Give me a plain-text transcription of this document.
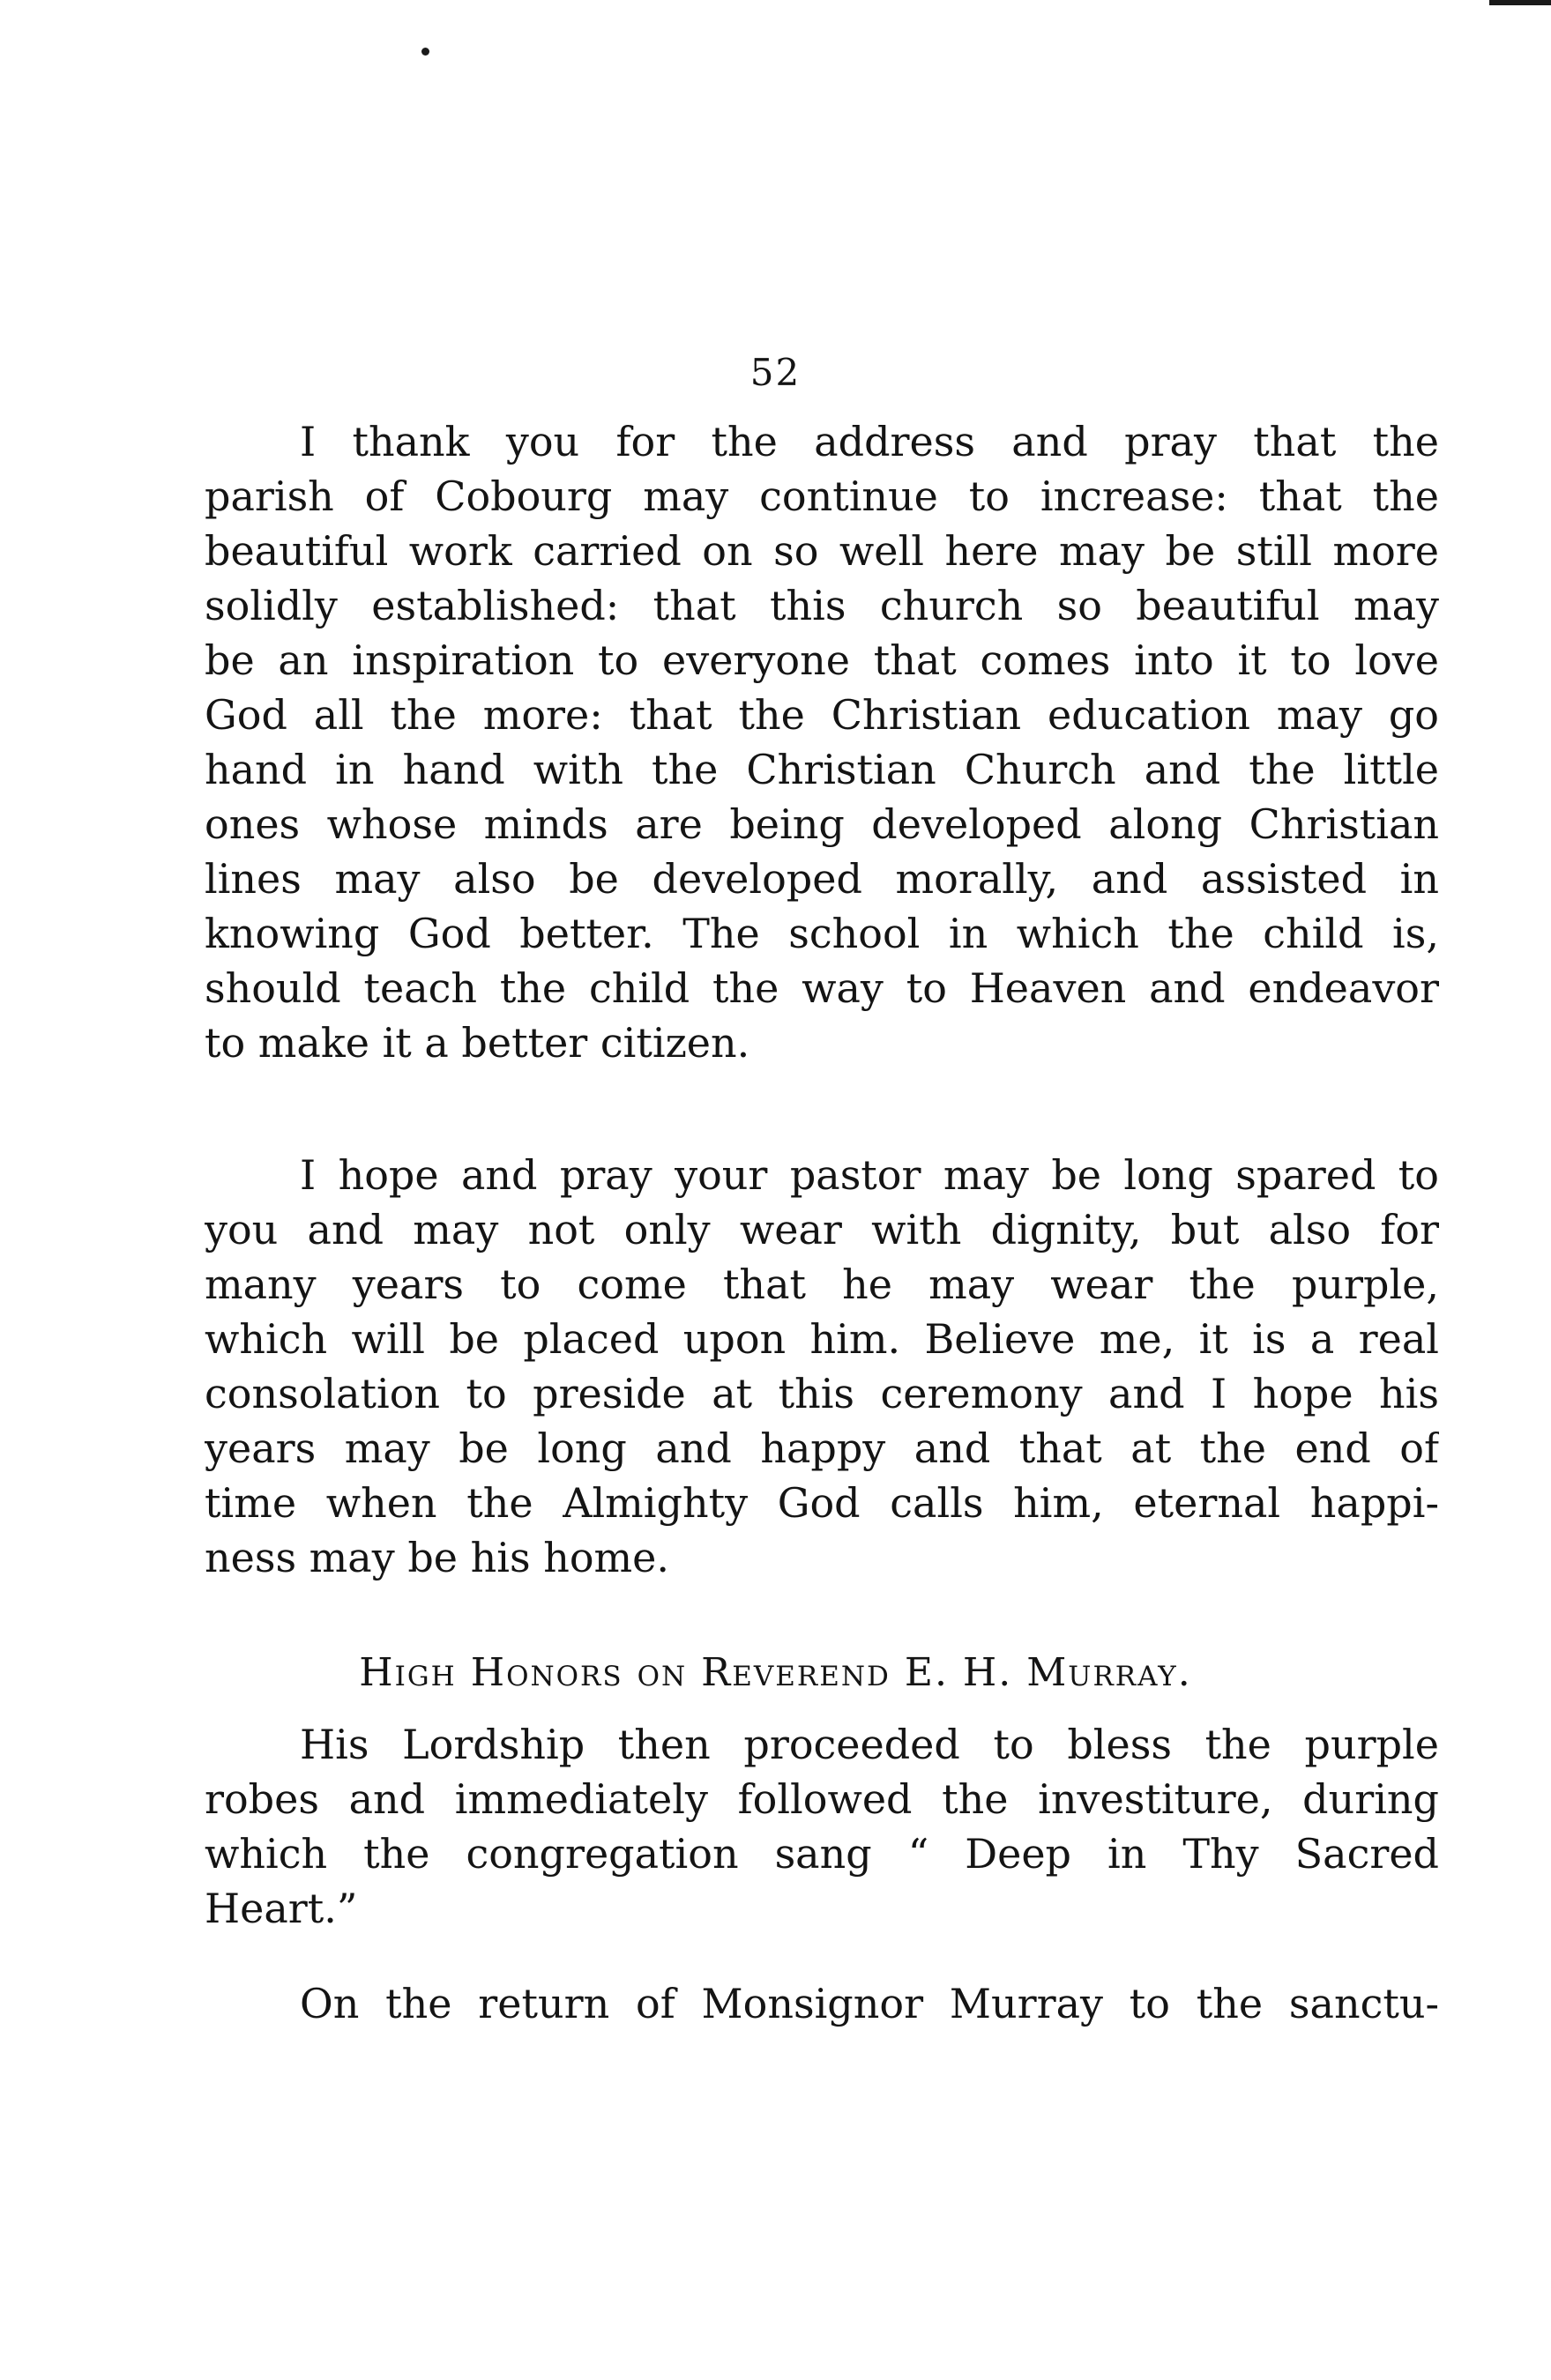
52
I thank you for the address and pray that the
parish of Cobourg may continue to increase: that the
beautiful work carried on so well here may be still more
solidly established: that this church so beautiful may
be an inspiration to everyone that comes into it to love
God all the more: that the Christian education may go
hand in hand with the Christian Church and the little
ones whose minds are being developed along Christian
lines may also be developed morally, and assisted in
knowing God better. The school in which the child is,
should teach the child the way to Heaven and endeavor
to make it a better citizen.
I hope and pray your pastor may be long spared to
you and may not only wear with dignity, but also for
many years to come that he may wear the purple,
which will be placed upon him. Believe me, it is a real
consolation to preside at this ceremony and I hope his
years may be long and happy and that at the end of
time when the Almighty God calls him, eternal happi-
ness may be his home.
High Honors on Reverend E. H. Murray.
His Lordship then proceeded to bless the purple
robes and immediately followed the investiture, during
which the congregation sang “ Deep in Thy Sacred
Heart.”
On the return of Monsignor Murray to the sanctu-
